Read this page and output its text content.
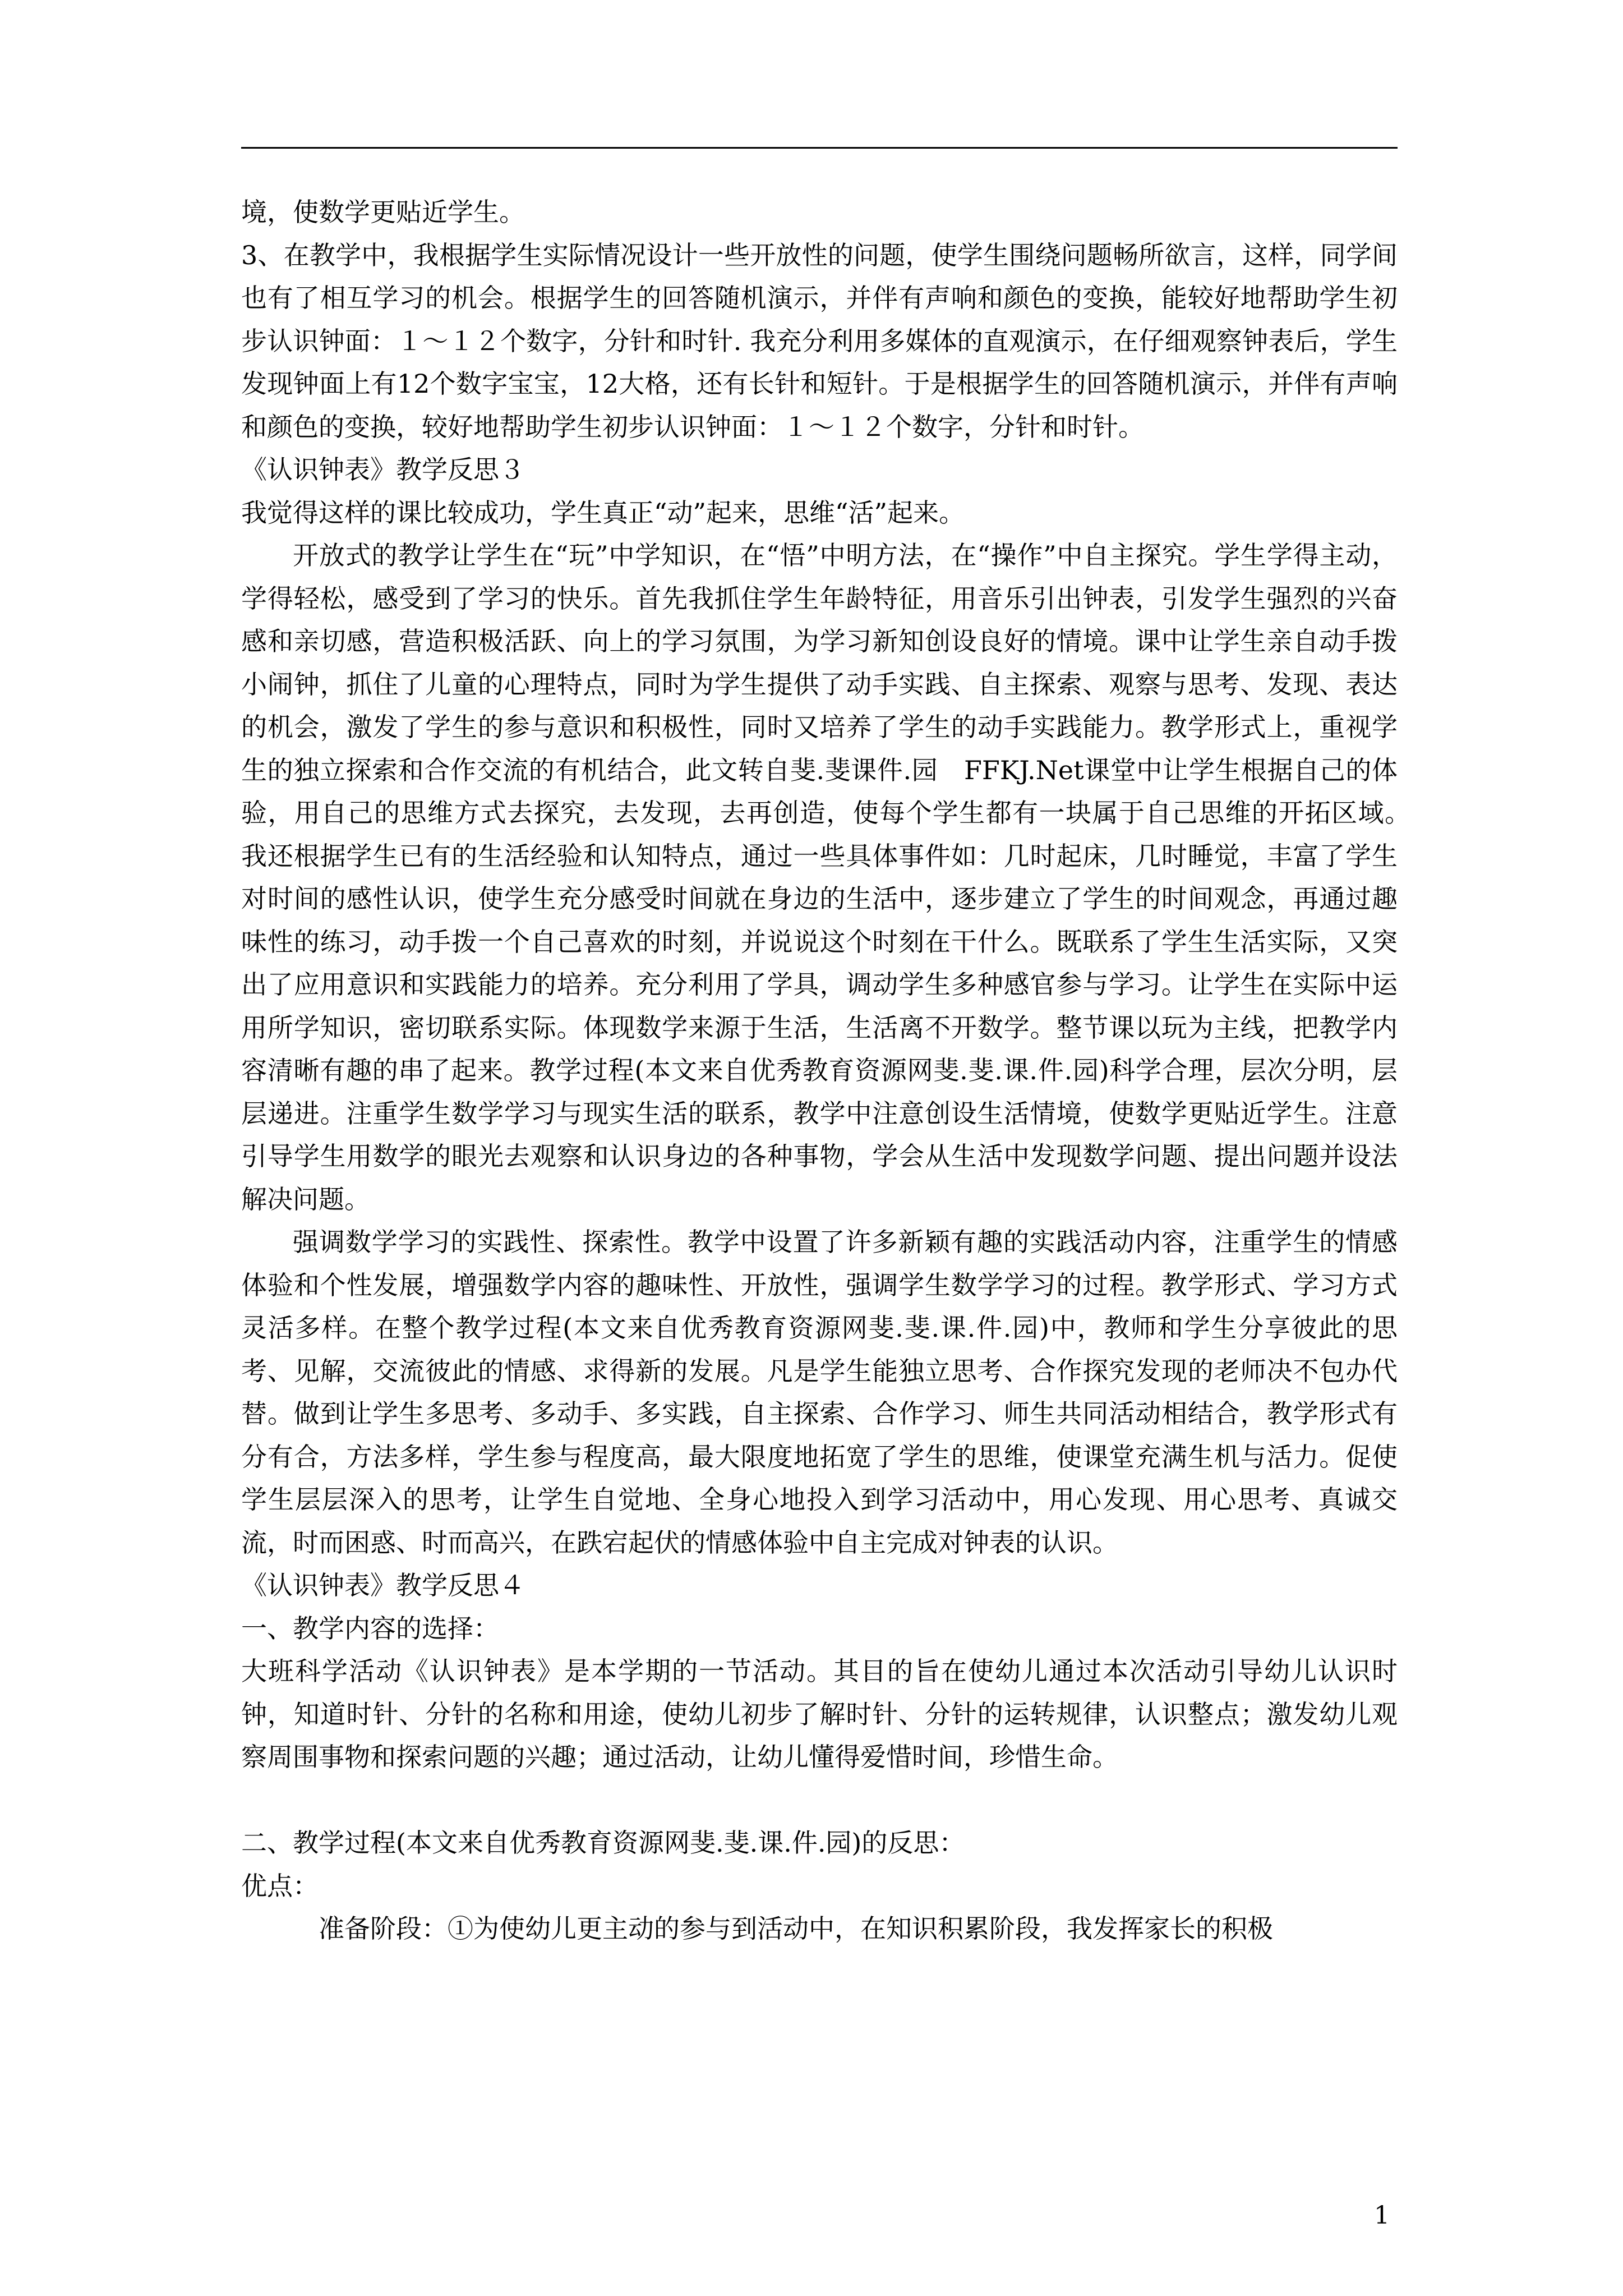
境，使数学更贴近学生。

3、在教学中，我根据学生实际情况设计一些开放性的问题，使学生围绕问题畅所欲言，这样，同学间也有了相互学习的机会。根据学生的回答随机演示，并伴有声响和颜色的变换，能较好地帮助学生初步认识钟面：１～１２个数字，分针和时针. 我充分利用多媒体的直观演示，在仔细观察钟表后，学生发现钟面上有12个数字宝宝，12大格，还有长针和短针。于是根据学生的回答随机演示，并伴有声响和颜色的变换，较好地帮助学生初步认识钟面：１～１２个数字，分针和时针。

《认识钟表》教学反思３

我觉得这样的课比较成功，学生真正“动”起来，思维“活”起来。

开放式的教学让学生在“玩”中学知识，在“悟”中明方法，在“操作”中自主探究。学生学得主动，学得轻松，感受到了学习的快乐。首先我抓住学生年龄特征，用音乐引出钟表，引发学生强烈的兴奋感和亲切感，营造积极活跃、向上的学习氛围，为学习新知创设良好的情境。课中让学生亲自动手拨小闹钟，抓住了儿童的心理特点，同时为学生提供了动手实践、自主探索、观察与思考、发现、表达的机会，激发了学生的参与意识和积极性，同时又培养了学生的动手实践能力。教学形式上，重视学生的独立探索和合作交流的有机结合，此文转自斐.斐课件.园　FFKJ.Net课堂中让学生根据自己的体验，用自己的思维方式去探究，去发现，去再创造，使每个学生都有一块属于自己思维的开拓区域。　我还根据学生已有的生活经验和认知特点，通过一些具体事件如：几时起床，几时睡觉，丰富了学生对时间的感性认识，使学生充分感受时间就在身边的生活中，逐步建立了学生的时间观念，再通过趣味性的练习，动手拨一个自己喜欢的时刻，并说说这个时刻在干什么。既联系了学生生活实际，又突出了应用意识和实践能力的培养。充分利用了学具，调动学生多种感官参与学习。让学生在实际中运用所学知识，密切联系实际。体现数学来源于生活，生活离不开数学。整节课以玩为主线，把教学内容清晰有趣的串了起来。教学过程(本文来自优秀教育资源网斐.斐.课.件.园)科学合理，层次分明，层层递进。注重学生数学学习与现实生活的联系，教学中注意创设生活情境，使数学更贴近学生。注意引导学生用数学的眼光去观察和认识身边的各种事物，学会从生活中发现数学问题、提出问题并设法解决问题。

强调数学学习的实践性、探索性。教学中设置了许多新颖有趣的实践活动内容，注重学生的情感体验和个性发展，增强数学内容的趣味性、开放性，强调学生数学学习的过程。教学形式、学习方式灵活多样。在整个教学过程(本文来自优秀教育资源网斐.斐.课.件.园)中，教师和学生分享彼此的思考、见解，交流彼此的情感、求得新的发展。凡是学生能独立思考、合作探究发现的老师决不包办代替。做到让学生多思考、多动手、多实践，自主探索、合作学习、师生共同活动相结合，教学形式有分有合，方法多样，学生参与程度高，最大限度地拓宽了学生的思维，使课堂充满生机与活力。促使学生层层深入的思考，让学生自觉地、全身心地投入到学习活动中，用心发现、用心思考、真诚交流，时而困惑、时而高兴，在跌宕起伏的情感体验中自主完成对钟表的认识。

《认识钟表》教学反思４

一、教学内容的选择：

大班科学活动《认识钟表》是本学期的一节活动。其目的旨在使幼儿通过本次活动引导幼儿认识时钟，知道时针、分针的名称和用途，使幼儿初步了解时针、分针的运转规律，认识整点；激发幼儿观察周围事物和探索问题的兴趣；通过活动，让幼儿懂得爱惜时间，珍惜生命。

二、教学过程(本文来自优秀教育资源网斐.斐.课.件.园)的反思：

优点：

准备阶段：①为使幼儿更主动的参与到活动中，在知识积累阶段，我发挥家长的积极

1
